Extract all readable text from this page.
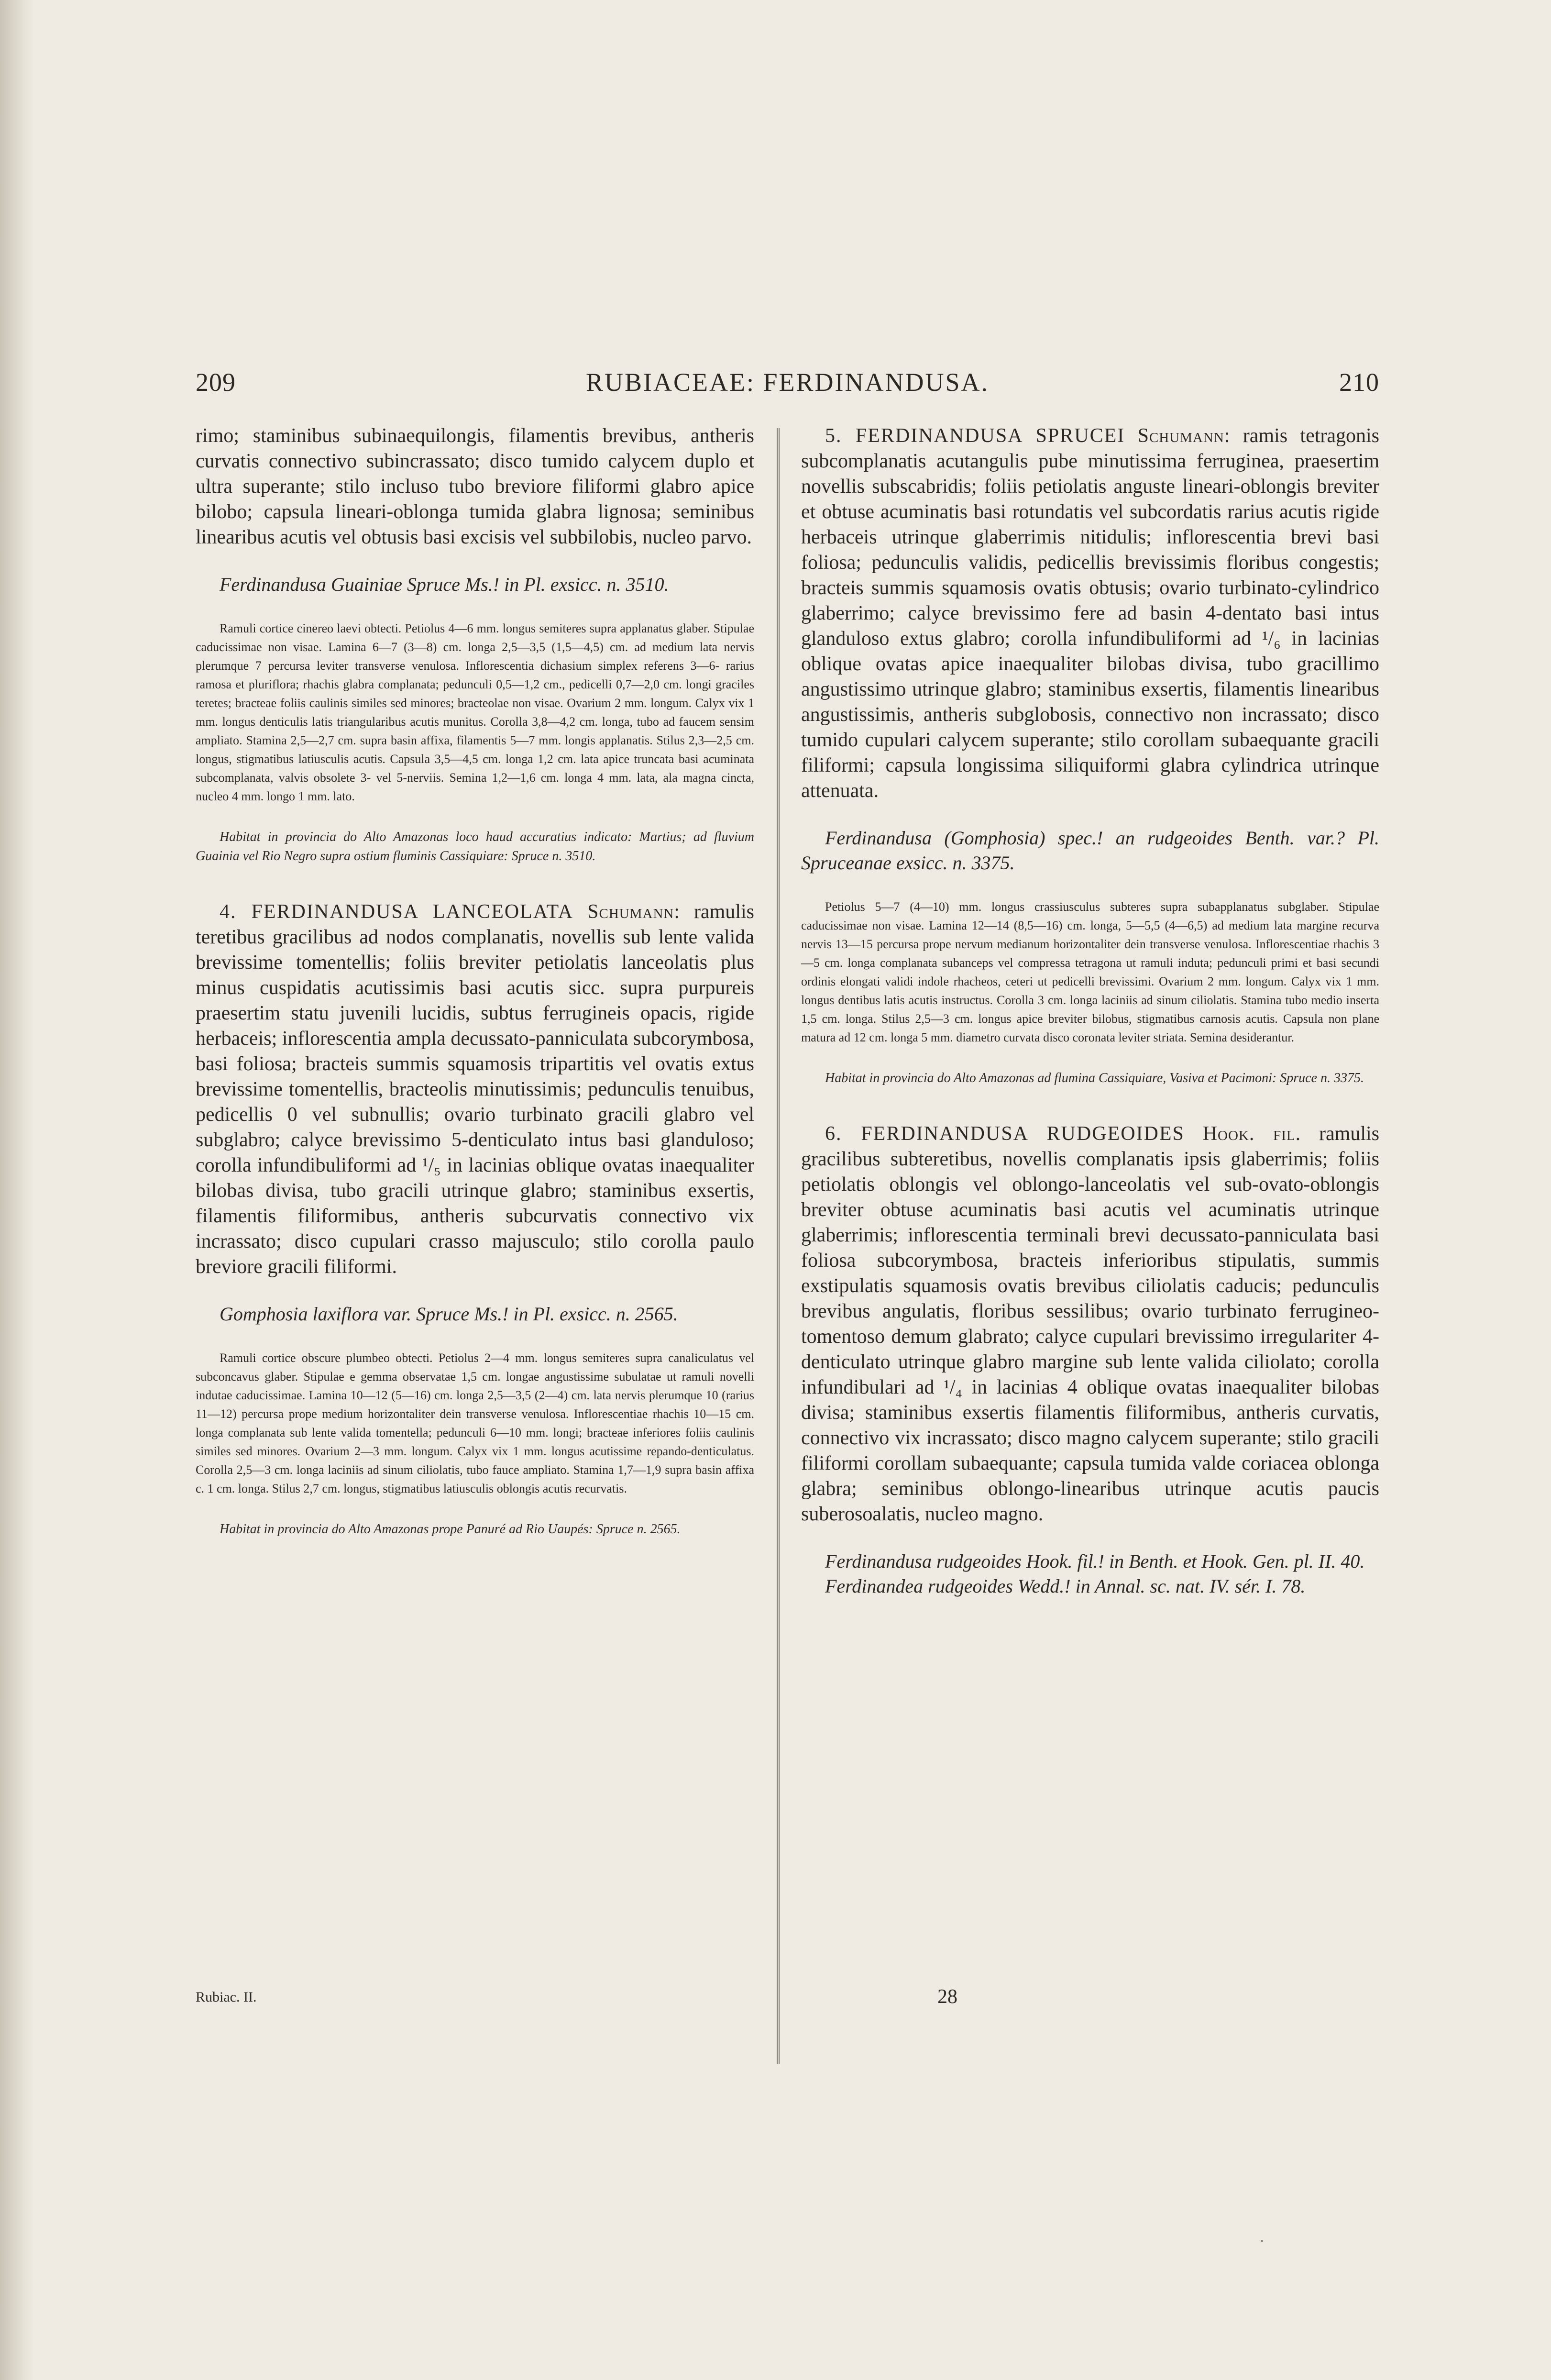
209	RUBIACEAE: FERDINANDUSA.	210

rimo; staminibus subinaequilongis, filamentis brevibus, antheris curvatis connectivo subincrassato; disco tumido calycem duplo et ultra superante; stilo incluso tubo breviore filiformi glabro apice bilobo; capsula lineari-oblonga tumida glabra lignosa; seminibus linearibus acutis vel obtusis basi excisis vel subbilobis, nucleo parvo.

Ferdinandusa Guainiae Spruce Ms.! in Pl. exsicc. n. 3510.

Ramuli cortice cinereo laevi obtecti. Petiolus 4—6 mm. longus semiteres supra applanatus glaber. Stipulae caducissimae non visae. Lamina 6—7 (3—8) cm. longa 2,5—3,5 (1,5—4,5) cm. ad medium lata nervis plerumque 7 percursa leviter transverse venulosa. Inflorescentia dichasium simplex referens 3—6- rarius ramosa et pluriflora; rhachis glabra complanata; pedunculi 0,5—1,2 cm., pedicelli 0,7—2,0 cm. longi graciles teretes; bracteae foliis caulinis similes sed minores; bracteolae non visae. Ovarium 2 mm. longum. Calyx vix 1 mm. longus denticulis latis triangularibus acutis munitus. Corolla 3,8—4,2 cm. longa, tubo ad faucem sensim ampliato. Stamina 2,5—2,7 cm. supra basin affixa, filamentis 5—7 mm. longis applanatis. Stilus 2,3—2,5 cm. longus, stigmatibus latiusculis acutis. Capsula 3,5—4,5 cm. longa 1,2 cm. lata apice truncata basi acuminata subcomplanata, valvis obsolete 3- vel 5-nerviis. Semina 1,2—1,6 cm. longa 4 mm. lata, ala magna cincta, nucleo 4 mm. longo 1 mm. lato.

Habitat in provincia do Alto Amazonas loco haud accuratius indicato: Martius; ad fluvium Guainia vel Rio Negro supra ostium fluminis Cassiquiare: Spruce n. 3510.

4. FERDINANDUSA LANCEOLATA Schumann: ramulis teretibus gracilibus ad nodos complanatis, novellis sub lente valida brevissime tomentellis; foliis breviter petiolatis lanceolatis plus minus cuspidatis acutissimis basi acutis sicc. supra purpureis praesertim statu juvenili lucidis, subtus ferrugineis opacis, rigide herbaceis; inflorescentia ampla decussato-panniculata subcorymbosa, basi foliosa; bracteis summis squamosis tripartitis vel ovatis extus brevissime tomentellis, bracteolis minutissimis; pedunculis tenuibus, pedicellis 0 vel subnullis; ovario turbinato gracili glabro vel subglabro; calyce brevissimo 5-denticulato intus basi glanduloso; corolla infundibuliformi ad ¹/₅ in lacinias oblique ovatas inaequaliter bilobas divisa, tubo gracili utrinque glabro; staminibus exsertis, filamentis filiformibus, antheris subcurvatis connectivo vix incrassato; disco cupulari crasso majusculo; stilo corolla paulo breviore gracili filiformi.

Gomphosia laxiflora var. Spruce Ms.! in Pl. exsicc. n. 2565.

Ramuli cortice obscure plumbeo obtecti. Petiolus 2—4 mm. longus semiteres supra canaliculatus vel subconcavus glaber. Stipulae e gemma observatae 1,5 cm. longae angustissime subulatae ut ramuli novelli indutae caducissimae. Lamina 10—12 (5—16) cm. longa 2,5—3,5 (2—4) cm. lata nervis plerumque 10 (rarius 11—12) percursa prope medium horizontaliter dein transverse venulosa. Inflorescentiae rhachis 10—15 cm. longa complanata sub lente valida tomentella; pedunculi 6—10 mm. longi; bracteae inferiores foliis caulinis similes sed minores. Ovarium 2—3 mm. longum. Calyx vix 1 mm. longus acutissime repando-denticulatus. Corolla 2,5—3 cm. longa laciniis ad sinum ciliolatis, tubo fauce ampliato. Stamina 1,7—1,9 supra basin affixa c. 1 cm. longa. Stilus 2,7 cm. longus, stigmatibus latiusculis oblongis acutis recurvatis.

Habitat in provincia do Alto Amazonas prope Panuré ad Rio Uaupés: Spruce n. 2565.

5. FERDINANDUSA SPRUCEI Schumann: ramis tetragonis subcomplanatis acutangulis pube minutissima ferruginea, praesertim novellis subscabridis; foliis petiolatis anguste lineari-oblongis breviter et obtuse acuminatis basi rotundatis vel subcordatis rarius acutis rigide herbaceis utrinque glaberrimis nitidulis; inflorescentia brevi basi foliosa; pedunculis validis, pedicellis brevissimis floribus congestis; bracteis summis squamosis ovatis obtusis; ovario turbinato-cylindrico glaberrimo; calyce brevissimo fere ad basin 4-dentato basi intus glanduloso extus glabro; corolla infundibuliformi ad ¹/₆ in lacinias oblique ovatas apice inaequaliter bilobas divisa, tubo gracillimo angustissimo utrinque glabro; staminibus exsertis, filamentis linearibus angustissimis, antheris subglobosis, connectivo non incrassato; disco tumido cupulari calycem superante; stilo corollam subaequante gracili filiformi; capsula longissima siliquiformi glabra cylindrica utrinque attenuata.

Ferdinandusa (Gomphosia) spec.! an rudgeoides Benth. var.? Pl. Spruceanae exsicc. n. 3375.

Petiolus 5—7 (4—10) mm. longus crassiusculus subteres supra subapplanatus subglaber. Stipulae caducissimae non visae. Lamina 12—14 (8,5—16) cm. longa, 5—5,5 (4—6,5) ad medium lata margine recurva nervis 13—15 percursa prope nervum medianum horizontaliter dein transverse venulosa. Inflorescentiae rhachis 3—5 cm. longa complanata subanceps vel compressa tetragona ut ramuli induta; pedunculi primi et basi secundi ordinis elongati validi indole rhacheos, ceteri ut pedicelli brevissimi. Ovarium 2 mm. longum. Calyx vix 1 mm. longus dentibus latis acutis instructus. Corolla 3 cm. longa laciniis ad sinum ciliolatis. Stamina tubo medio inserta 1,5 cm. longa. Stilus 2,5—3 cm. longus apice breviter bilobus, stigmatibus carnosis acutis. Capsula non plane matura ad 12 cm. longa 5 mm. diametro curvata disco coronata leviter striata. Semina desiderantur.

Habitat in provincia do Alto Amazonas ad flumina Cassiquiare, Vasiva et Pacimoni: Spruce n. 3375.

6. FERDINANDUSA RUDGEOIDES Hook. fil. ramulis gracilibus subteretibus, novellis complanatis ipsis glaberrimis; foliis petiolatis oblongis vel oblongo-lanceolatis vel sub-ovato-oblongis breviter obtuse acuminatis basi acutis vel acuminatis utrinque glaberrimis; inflorescentia terminali brevi decussato-panniculata basi foliosa subcorymbosa, bracteis inferioribus stipulatis, summis exstipulatis squamosis ovatis brevibus ciliolatis caducis; pedunculis brevibus angulatis, floribus sessilibus; ovario turbinato ferrugineo-tomentoso demum glabrato; calyce cupulari brevissimo irregulariter 4-denticulato utrinque glabro margine sub lente valida ciliolato; corolla infundibulari ad ¹/₄ in lacinias 4 oblique ovatas inaequaliter bilobas divisa; staminibus exsertis filamentis filiformibus, antheris curvatis, connectivo vix incrassato; disco magno calycem superante; stilo gracili filiformi corollam subaequante; capsula tumida valde coriacea oblonga glabra; seminibus oblongo-linearibus utrinque acutis paucis suberosoalatis, nucleo magno.

Ferdinandusa rudgeoides Hook. fil.! in Benth. et Hook. Gen. pl. II. 40.

Ferdinandea rudgeoides Wedd.! in Annal. sc. nat. IV. sér. I. 78.

Rubiac. II.	28
